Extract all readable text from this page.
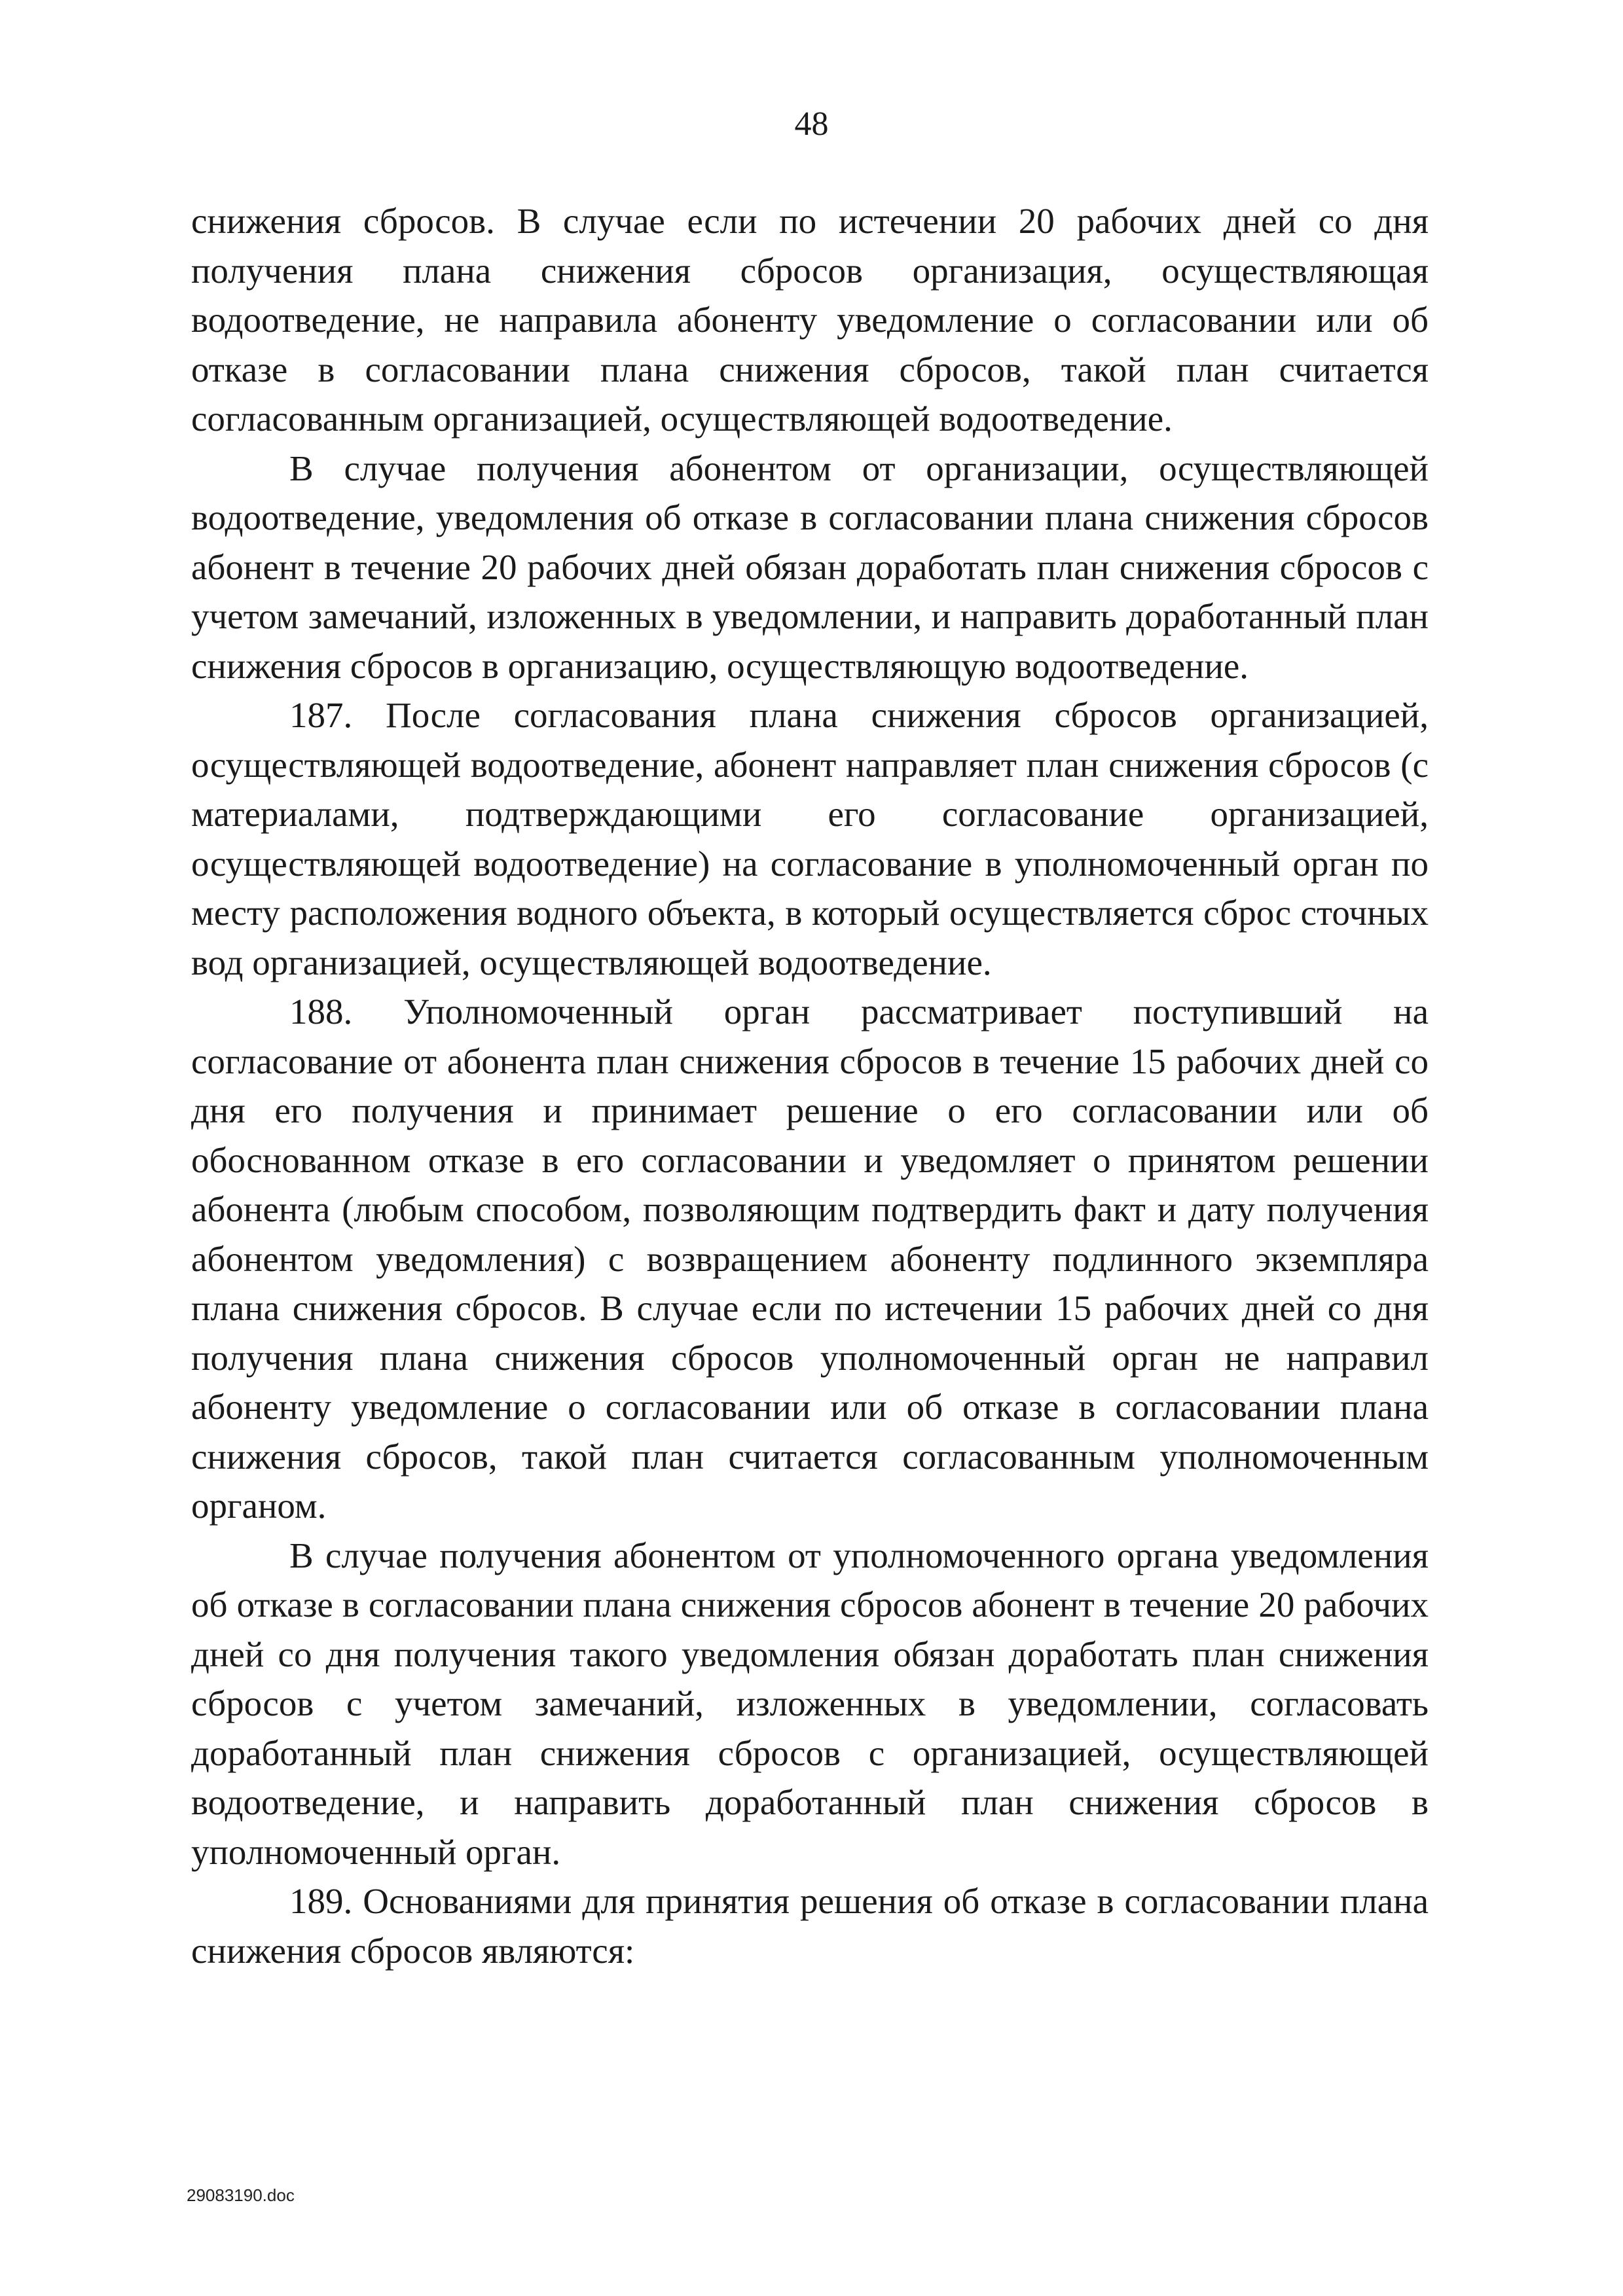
48

снижения сбросов. В случае если по истечении 20 рабочих дней со дня получения плана снижения сбросов организация, осуществляющая водоотведение, не направила абоненту уведомление о согласовании или об отказе в согласовании плана снижения сбросов, такой план считается согласованным организацией, осуществляющей водоотведение.

В случае получения абонентом от организации, осуществляющей водоотведение, уведомления об отказе в согласовании плана снижения сбросов абонент в течение 20 рабочих дней обязан доработать план снижения сбросов с учетом замечаний, изложенных в уведомлении, и направить доработанный план снижения сбросов в организацию, осуществляющую водоотведение.

187. После согласования плана снижения сбросов организацией, осуществляющей водоотведение, абонент направляет план снижения сбросов (с материалами, подтверждающими его согласование организацией, осуществляющей водоотведение) на согласование в уполномоченный орган по месту расположения водного объекта, в который осуществляется сброс сточных вод организацией, осуществляющей водоотведение.

188. Уполномоченный орган рассматривает поступивший на согласование от абонента план снижения сбросов в течение 15 рабочих дней со дня его получения и принимает решение о его согласовании или об обоснованном отказе в его согласовании и уведомляет о принятом решении абонента (любым способом, позволяющим подтвердить факт и дату получения абонентом уведомления) с возвращением абоненту подлинного экземпляра плана снижения сбросов. В случае если по истечении 15 рабочих дней со дня получения плана снижения сбросов уполномоченный орган не направил абоненту уведомление о согласовании или об отказе в согласовании плана снижения сбросов, такой план считается согласованным уполномоченным органом.

В случае получения абонентом от уполномоченного органа уведомления об отказе в согласовании плана снижения сбросов абонент в течение 20 рабочих дней со дня получения такого уведомления обязан доработать план снижения сбросов с учетом замечаний, изложенных в уведомлении, согласовать доработанный план снижения сбросов с организацией, осуществляющей водоотведение, и направить доработанный план снижения сбросов в уполномоченный орган.

189. Основаниями для принятия решения об отказе в согласовании плана снижения сбросов являются:

29083190.doc
